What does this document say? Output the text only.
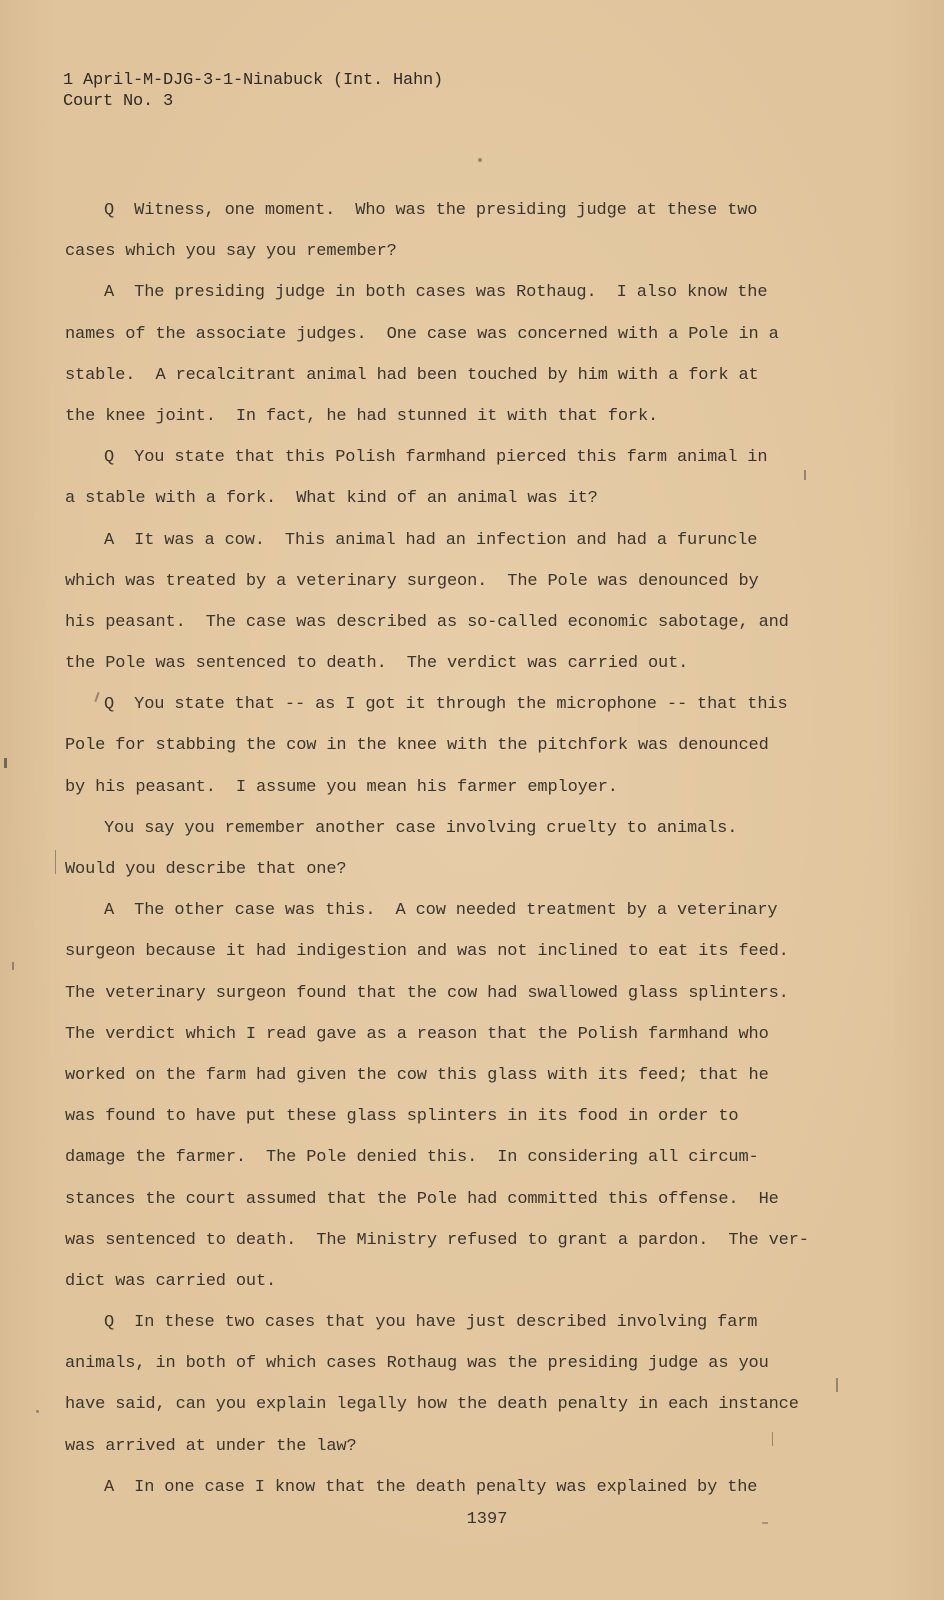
1 April-M-DJG-3-1-Ninabuck (Int. Hahn)
Court No. 3
Q  Witness, one moment.  Who was the presiding judge at these two
cases which you say you remember?
A  The presiding judge in both cases was Rothaug.  I also know the
names of the associate judges.  One case was concerned with a Pole in a
stable.  A recalcitrant animal had been touched by him with a fork at
the knee joint.  In fact, he had stunned it with that fork.
Q  You state that this Polish farmhand pierced this farm animal in
a stable with a fork.  What kind of an animal was it?
A  It was a cow.  This animal had an infection and had a furuncle
which was treated by a veterinary surgeon.  The Pole was denounced by
his peasant.  The case was described as so-called economic sabotage, and
the Pole was sentenced to death.  The verdict was carried out.
Q  You state that -- as I got it through the microphone -- that this
Pole for stabbing the cow in the knee with the pitchfork was denounced
by his peasant.  I assume you mean his farmer employer.
You say you remember another case involving cruelty to animals.
Would you describe that one?
A  The other case was this.  A cow needed treatment by a veterinary
surgeon because it had indigestion and was not inclined to eat its feed.
The veterinary surgeon found that the cow had swallowed glass splinters.
The verdict which I read gave as a reason that the Polish farmhand who
worked on the farm had given the cow this glass with its feed; that he
was found to have put these glass splinters in its food in order to
damage the farmer.  The Pole denied this.  In considering all circum-
stances the court assumed that the Pole had committed this offense.  He
was sentenced to death.  The Ministry refused to grant a pardon.  The ver-
dict was carried out.
Q  In these two cases that you have just described involving farm
animals, in both of which cases Rothaug was the presiding judge as you
have said, can you explain legally how the death penalty in each instance
was arrived at under the law?
A  In one case I know that the death penalty was explained by the
1397
